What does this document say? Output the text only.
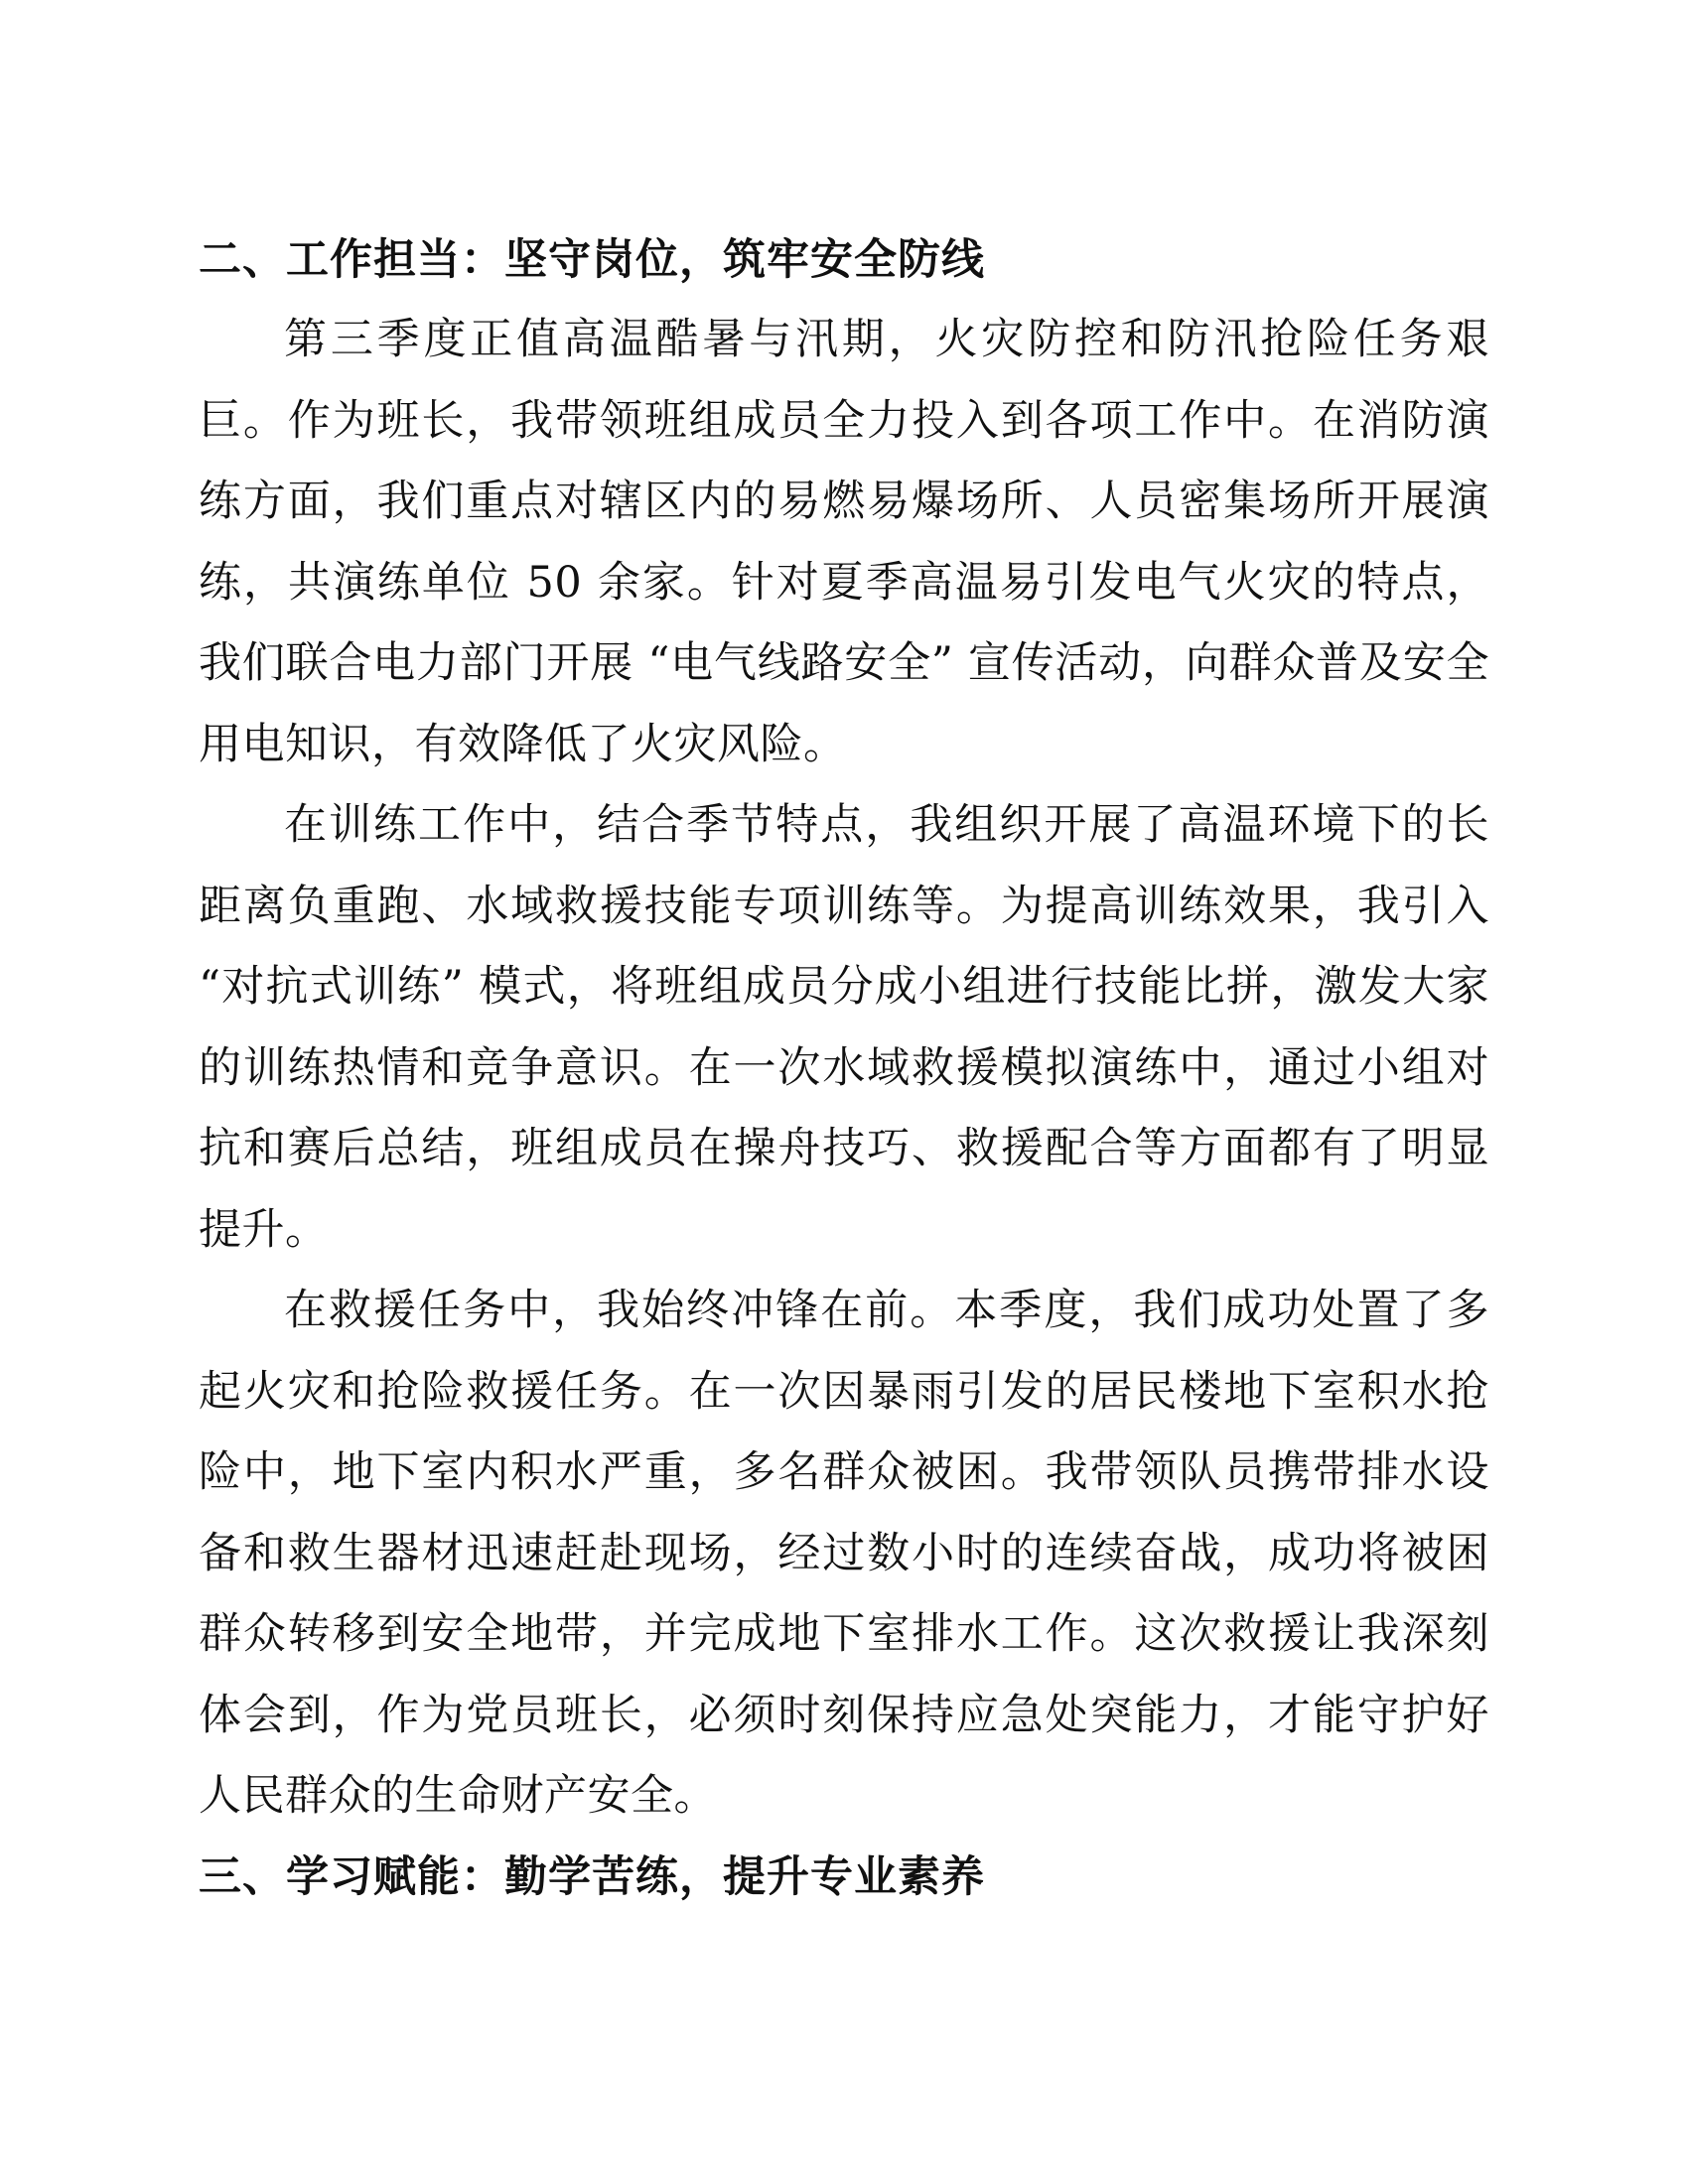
二、工作担当：坚守岗位，筑牢安全防线

第三季度正值高温酷暑与汛期，火灾防控和防汛抢险任务艰巨。作为班长，我带领班组成员全力投入到各项工作中。在消防演练方面，我们重点对辖区内的易燃易爆场所、人员密集场所开展演练，共演练单位 50 余家。针对夏季高温易引发电气火灾的特点，我们联合电力部门开展 “电气线路安全” 宣传活动，向群众普及安全用电知识，有效降低了火灾风险。

在训练工作中，结合季节特点，我组织开展了高温环境下的长距离负重跑、水域救援技能专项训练等。为提高训练效果，我引入 “对抗式训练” 模式，将班组成员分成小组进行技能比拼，激发大家的训练热情和竞争意识。在一次水域救援模拟演练中，通过小组对抗和赛后总结，班组成员在操舟技巧、救援配合等方面都有了明显提升。

在救援任务中，我始终冲锋在前。本季度，我们成功处置了多起火灾和抢险救援任务。在一次因暴雨引发的居民楼地下室积水抢险中，地下室内积水严重，多名群众被困。我带领队员携带排水设备和救生器材迅速赶赴现场，经过数小时的连续奋战，成功将被困群众转移到安全地带，并完成地下室排水工作。这次救援让我深刻体会到，作为党员班长，必须时刻保持应急处突能力，才能守护好人民群众的生命财产安全。

三、学习赋能：勤学苦练，提升专业素养
